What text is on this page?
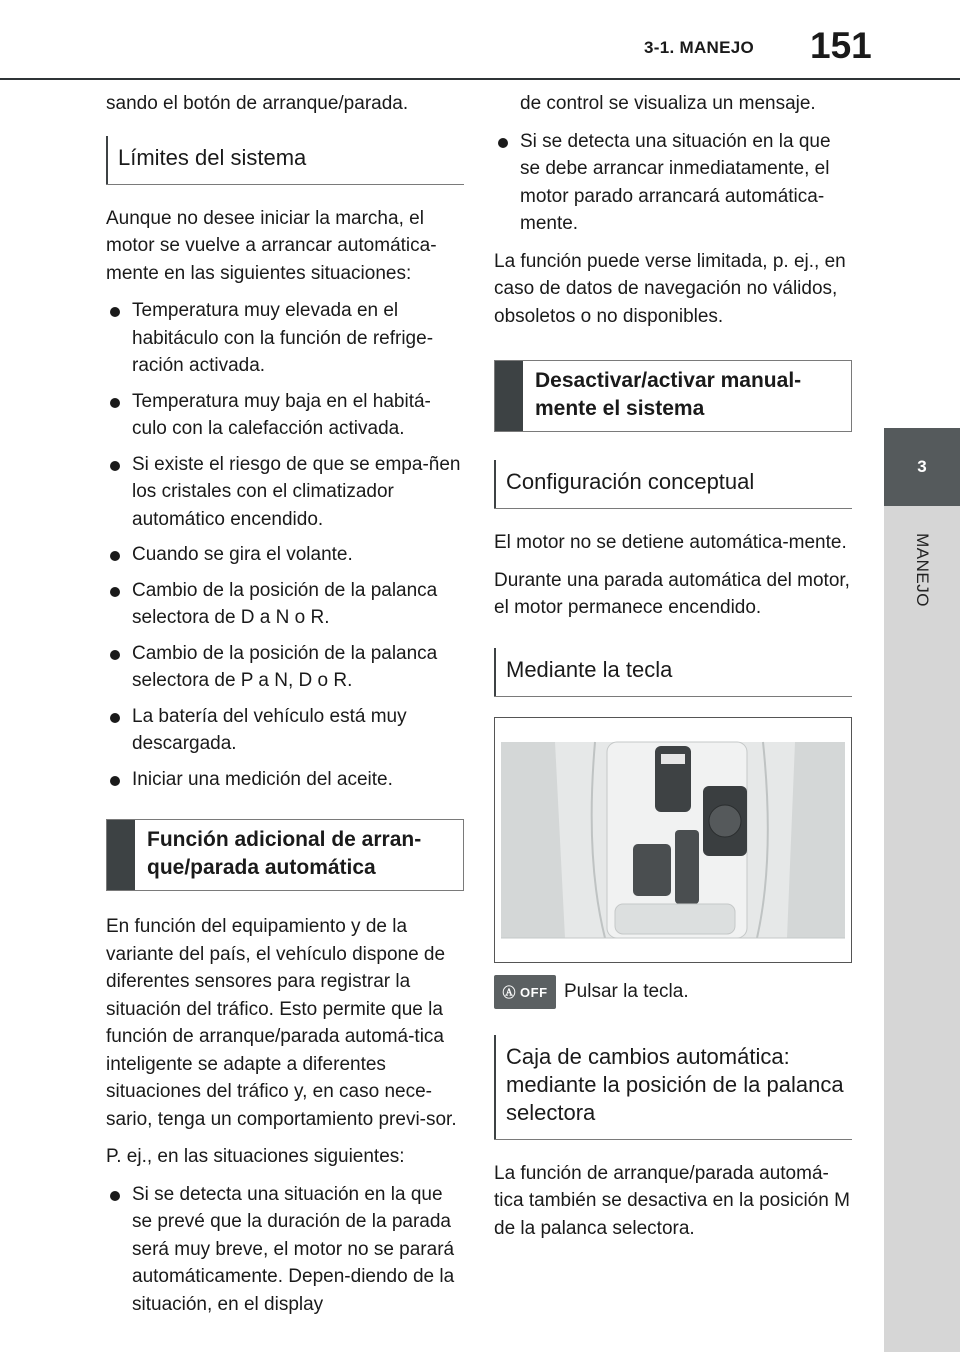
3-1. MANEJO 151
3
MANEJO

sando el botón de arranque/parada.

Límites del sistema

Aunque no desee iniciar la marcha, el motor se vuelve a arrancar automática-mente en las siguientes situaciones:

Temperatura muy elevada en el habitáculo con la función de refrige-ración activada.
Temperatura muy baja en el habitá-culo con la calefacción activada.
Si existe el riesgo de que se empa-ñen los cristales con el climatizador automático encendido.
Cuando se gira el volante.
Cambio de la posición de la palanca selectora de D a N o R.
Cambio de la posición de la palanca selectora de P a N, D o R.
La batería del vehículo está muy descargada.
Iniciar una medición del aceite.
Función adicional de arran-que/parada automática

En función del equipamiento y de la variante del país, el vehículo dispone de diferentes sensores para registrar la situación del tráfico. Esto permite que la función de arranque/parada automá-tica inteligente se adapte a diferentes situaciones del tráfico y, en caso nece-sario, tenga un comportamiento previ-sor.

P. ej., en las situaciones siguientes:

Si se detecta una situación en la que se prevé que la duración de la parada será muy breve, el motor no se parará automáticamente. Depen-diendo de la situación, en el display

de control se visualiza un mensaje.

Si se detecta una situación en la que se debe arrancar inmediatamente, el motor parado arrancará automática-mente.

La función puede verse limitada, p. ej., en caso de datos de navegación no válidos, obsoletos o no disponibles.

Desactivar/activar manual-mente el sistema
Configuración conceptual

El motor no se detiene automática-mente.

Durante una parada automática del motor, el motor permanece encendido.

Mediante la tecla
Ⓐ OFF Pulsar la tecla.
Caja de cambios automática: mediante la posición de la palanca selectora

La función de arranque/parada automá-tica también se desactiva en la posición M de la palanca selectora.
